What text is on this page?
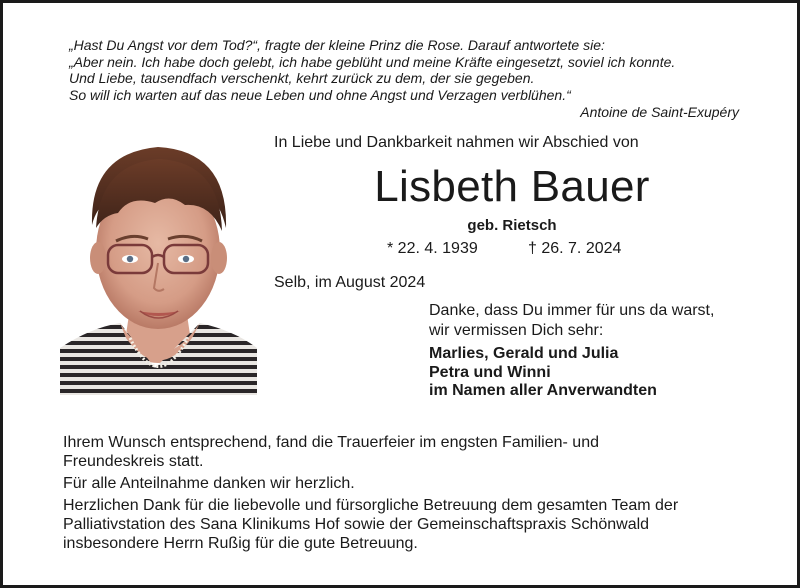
„Hast Du Angst vor dem Tod?“, fragte der kleine Prinz die Rose. Darauf antwortete sie:
„Aber nein. Ich habe doch gelebt, ich habe geblüht und meine Kräfte eingesetzt, soviel ich konnte.
Und Liebe, tausendfach verschenkt, kehrt zurück zu dem, der sie gegeben.
So will ich warten auf das neue Leben und ohne Angst und Verzagen verblühen.“
Antoine de Saint-Exupéry
In Liebe und Dankbarkeit nahmen wir Abschied von
Lisbeth Bauer
geb. Rietsch
* 22. 4. 1939	† 26. 7. 2024
Selb, im August 2024
Danke, dass Du immer für uns da warst,
wir vermissen Dich sehr:
Marlies, Gerald und Julia
Petra und Winni
im Namen aller Anverwandten

Ihrem Wunsch entsprechend, fand die Trauerfeier im engsten Familien- und
Freundeskreis statt.

Für alle Anteilnahme danken wir herzlich.

Herzlichen Dank für die liebevolle und fürsorgliche Betreuung dem gesamten Team der
Palliativstation des Sana Klinikums Hof sowie der Gemeinschaftspraxis Schönwald
insbesondere Herrn Rußig für die gute Betreuung.
